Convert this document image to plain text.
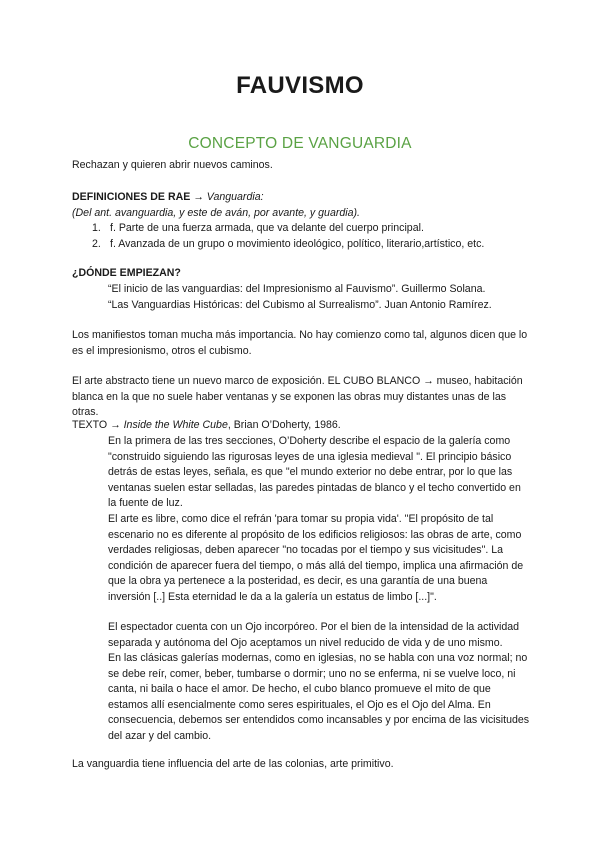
FAUVISMO
CONCEPTO DE VANGUARDIA
Rechazan y quieren abrir nuevos caminos.
DEFINICIONES DE RAE → Vanguardia:
(Del ant. avanguardia, y este de aván, por avante, y guardia).
1. f. Parte de una fuerza armada, que va delante del cuerpo principal.
2. f. Avanzada de un grupo o movimiento ideológico, político, literario,artístico, etc.
¿DÓNDE EMPIEZAN?
“El inicio de las vanguardias: del Impresionismo al Fauvismo”. Guillermo Solana.
“Las Vanguardias Históricas: del Cubismo al Surrealismo”. Juan Antonio Ramírez.
Los manifiestos toman mucha más importancia. No hay comienzo como tal, algunos dicen que lo es el impresionismo, otros el cubismo.
El arte abstracto tiene un nuevo marco de exposición. EL CUBO BLANCO → museo, habitación blanca en la que no suele haber ventanas y se exponen las obras muy distantes unas de las otras.
TEXTO → Inside the White Cube, Brian O’Doherty, 1986.
En la primera de las tres secciones, O’Doherty describe el espacio de la galería como "construido siguiendo las rigurosas leyes de una iglesia medieval ". El principio básico detrás de estas leyes, señala, es que "el mundo exterior no debe entrar, por lo que las ventanas suelen estar selladas, las paredes pintadas de blanco y el techo convertido en la fuente de luz.
El arte es libre, como dice el refrán 'para tomar su propia vida'. "El propósito de tal escenario no es diferente al propósito de los edificios religiosos: las obras de arte, como verdades religiosas, deben aparecer "no tocadas por el tiempo y sus vicisitudes". La condición de aparecer fuera del tiempo, o más allá del tiempo, implica una afirmación de que la obra ya pertenece a la posteridad, es decir, es una garantía de una buena inversión [..] Esta eternidad le da a la galería un estatus de limbo [...]".
El espectador cuenta con un Ojo incorpóreo. Por el bien de la intensidad de la actividad separada y autónoma del Ojo aceptamos un nivel reducido de vida y de uno mismo.
En las clásicas galerías modernas, como en iglesias, no se habla con una voz normal; no se debe reír, comer, beber, tumbarse o dormir; uno no se enferma, ni se vuelve loco, ni canta, ni baila o hace el amor. De hecho, el cubo blanco promueve el mito de que estamos allí esencialmente como seres espirituales, el Ojo es el Ojo del Alma. En consecuencia, debemos ser entendidos como incansables y por encima de las vicisitudes del azar y del cambio.
La vanguardia tiene influencia del arte de las colonias, arte primitivo.
